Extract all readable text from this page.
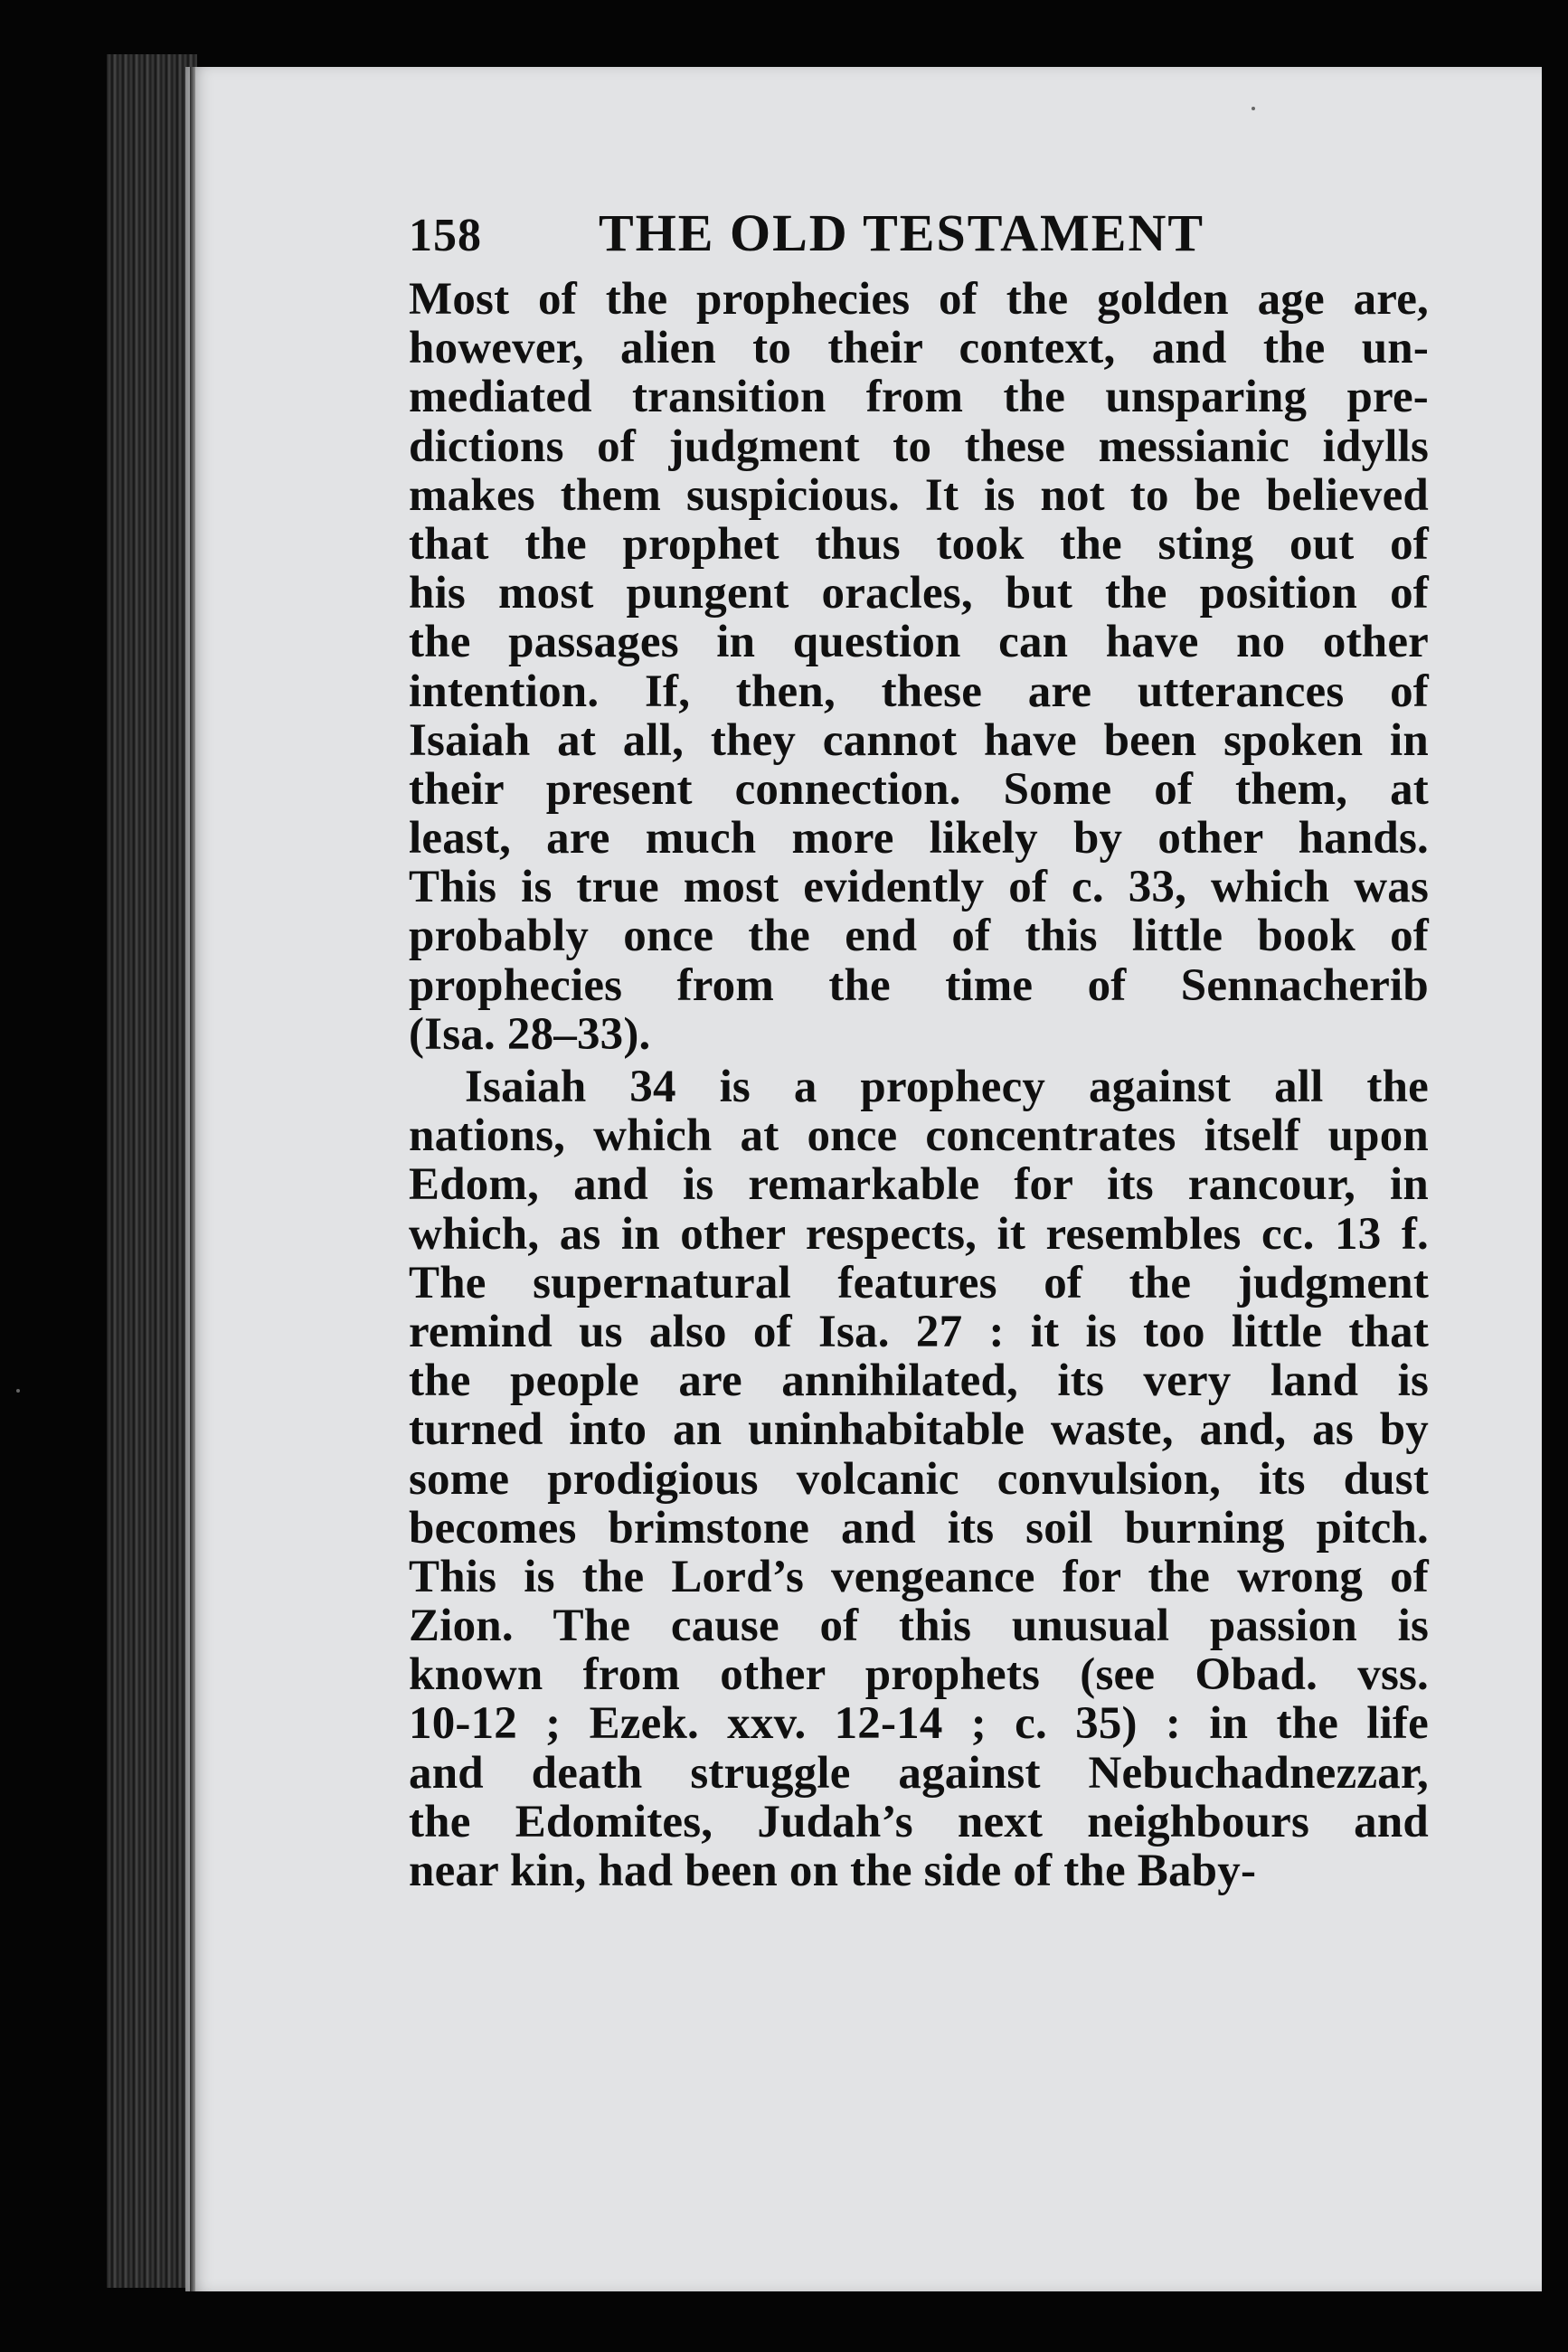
158	THE OLD TESTAMENT
Most of the prophecies of the golden age are,
however, alien to their context, and the un-
mediated transition from the unsparing pre-
dictions of judgment to these messianic idylls
makes them suspicious. It is not to be believed
that the prophet thus took the sting out of
his most pungent oracles, but the position of
the passages in question can have no other
intention. If, then, these are utterances of
Isaiah at all, they cannot have been spoken in
their present connection. Some of them, at
least, are much more likely by other hands.
This is true most evidently of c. 33, which was
probably once the end of this little book of
prophecies from the time of Sennacherib
(Isa. 28–33).
Isaiah 34 is a prophecy against all the
nations, which at once concentrates itself upon
Edom, and is remarkable for its rancour, in
which, as in other respects, it resembles cc. 13 f.
The supernatural features of the judgment
remind us also of Isa. 27 : it is too little that
the people are annihilated, its very land is
turned into an uninhabitable waste, and, as by
some prodigious volcanic convulsion, its dust
becomes brimstone and its soil burning pitch.
This is the Lord’s vengeance for the wrong of
Zion. The cause of this unusual passion is
known from other prophets (see Obad. vss.
10-12 ; Ezek. xxv. 12-14 ; c. 35) : in the life
and death struggle against Nebuchadnezzar,
the Edomites, Judah’s next neighbours and
near kin, had been on the side of the Baby-
